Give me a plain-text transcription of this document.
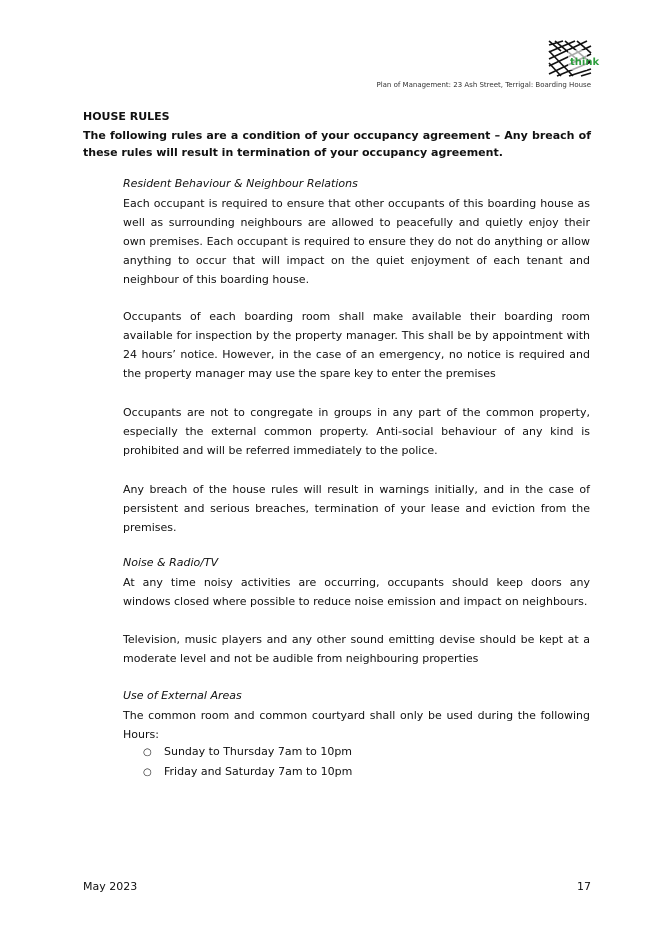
think
Plan of Management: 23 Ash Street, Terrigal: Boarding House
HOUSE RULES
The following rules are a condition of your occupancy agreement – Any breach of these rules will result in termination of your occupancy agreement.
Resident Behaviour & Neighbour Relations

Each occupant is required to ensure that other occupants of this boarding house as well as surrounding neighbours are allowed to peacefully and quietly enjoy their own premises. Each occupant is required to ensure they do not do anything or allow anything to occur that will impact on the quiet enjoyment of each tenant and neighbour of this boarding house.

Occupants of each boarding room shall make available their boarding room available for inspection by the property manager. This shall be by appointment with 24 hours’ notice. However, in the case of an emergency, no notice is required and the property manager may use the spare key to enter the premises

Occupants are not to congregate in groups in any part of the common property, especially the external common property. Anti-social behaviour of any kind is prohibited and will be referred immediately to the police.

Any breach of the house rules will result in warnings initially, and in the case of persistent and serious breaches, termination of your lease and eviction from the premises.

Noise & Radio/TV

At any time noisy activities are occurring, occupants should keep doors any windows closed where possible to reduce noise emission and impact on neighbours.

Television, music players and any other sound emitting devise should be kept at a moderate level and not be audible from neighbouring properties

Use of External Areas

The common room and common courtyard shall only be used during the following Hours:

○ Sunday to Thursday 7am to 10pm
○ Friday and Saturday 7am to 10pm
May 2023	17
